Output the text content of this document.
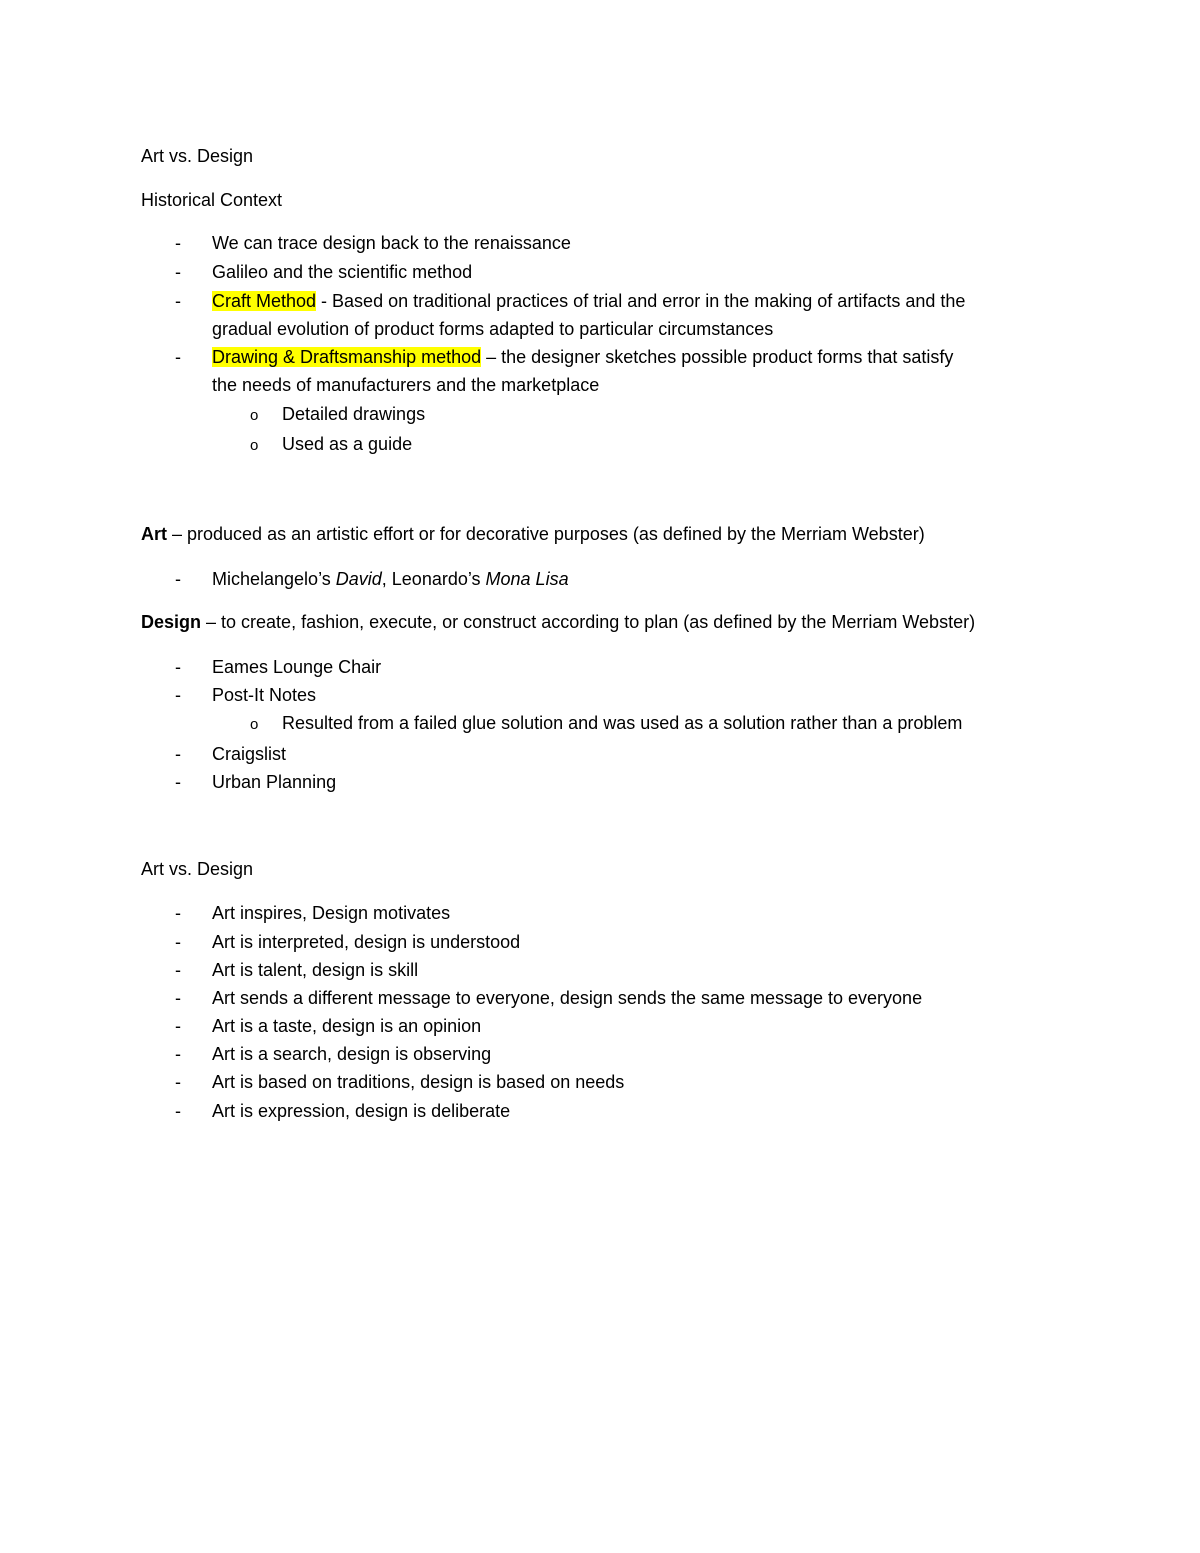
Art vs. Design
Historical Context
- We can trace design back to the renaissance
- Galileo and the scientific method
- Craft Method - Based on traditional practices of trial and error in the making of artifacts and the
gradual evolution of product forms adapted to particular circumstances
- Drawing & Draftsmanship method – the designer sketches possible product forms that satisfy
the needs of manufacturers and the marketplace
o Detailed drawings
o Used as a guide
Art – produced as an artistic effort or for decorative purposes (as defined by the Merriam Webster)
- Michelangelo’s David, Leonardo’s Mona Lisa
Design – to create, fashion, execute, or construct according to plan (as defined by the Merriam Webster)
- Eames Lounge Chair
- Post-It Notes
o Resulted from a failed glue solution and was used as a solution rather than a problem
- Craigslist
- Urban Planning
Art vs. Design
- Art inspires, Design motivates
- Art is interpreted, design is understood
- Art is talent, design is skill
- Art sends a different message to everyone, design sends the same message to everyone
- Art is a taste, design is an opinion
- Art is a search, design is observing
- Art is based on traditions, design is based on needs
- Art is expression, design is deliberate
